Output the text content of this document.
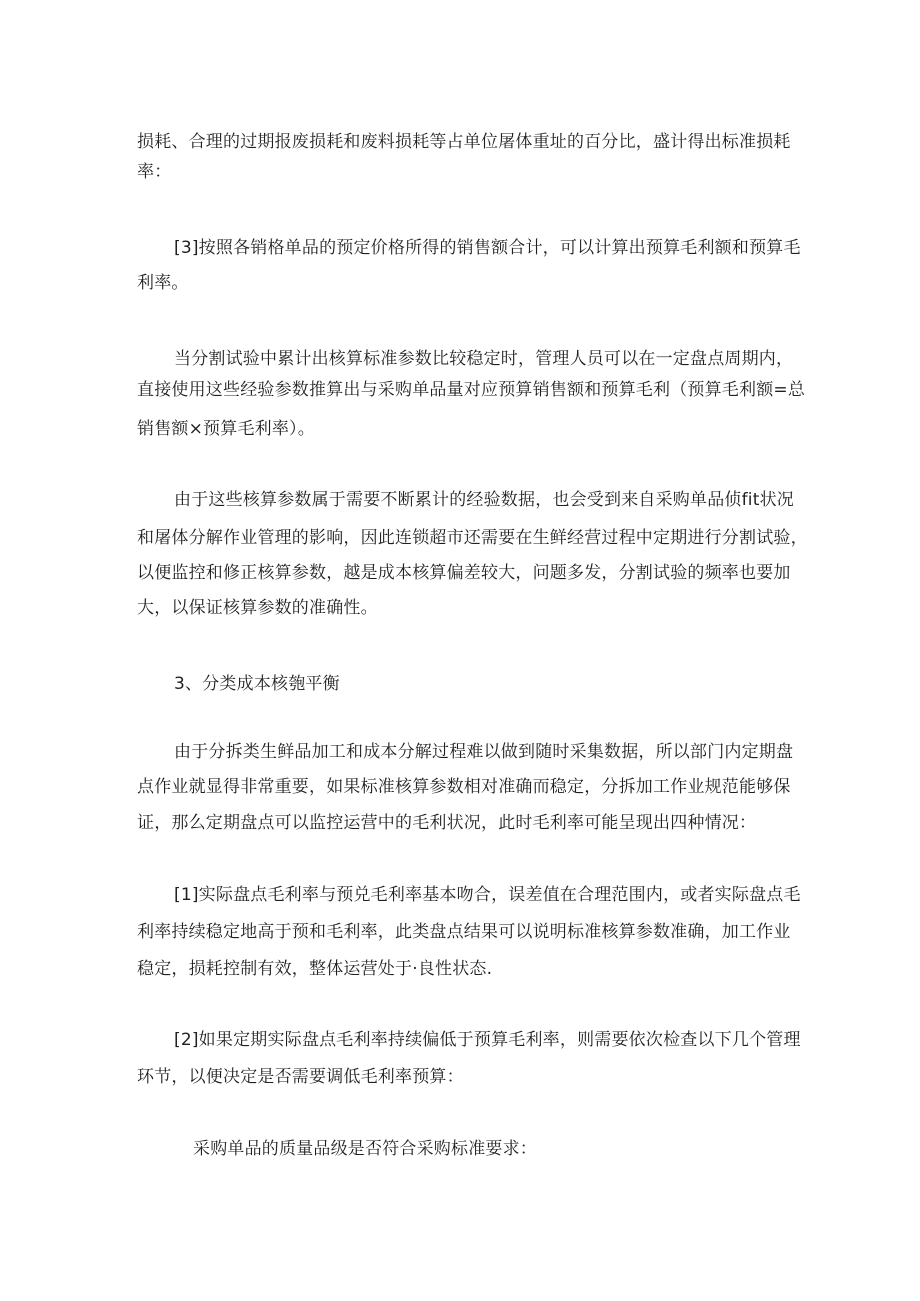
损耗、合理的过期报废损耗和废料损耗等占单位屠体重址的百分比，盛计得出标准损耗
率：
[3]按照各销格单品的预定价格所得的销售额合计，可以计算出预算毛利额和预算毛
利率。
当分割试验中累计出核算标准参数比较稳定时，管理人员可以在一定盘点周期内，
直接使用这些经验参数推算出与采购单品量对应预算销售额和预算毛利（预算毛利额=总
销售额×预算毛利率）。
由于这些核算参数属于需要不断累计的经验数据，也会受到来自采购单品侦fit状况
和屠体分解作业管理的影响，因此连锁超市还需要在生鲜经营过程中定期进行分割试验，
以便监控和修正核算参数，越是成本核算偏差较大，问题多发，分割试验的频率也要加
大，以保证核算参数的准确性。
3、分类成本核匏平衡
由于分拆类生鲜品加工和成本分解过程难以做到随时采集数据，所以部门内定期盘
点作业就显得非常重要，如果标准核算参数相对准确而稳定，分拆加工作业规范能够保
证，那么定期盘点可以监控运营中的毛利状况，此时毛利率可能呈现出四种情况：
[1]实际盘点毛利率与预兑毛利率基本吻合，误差值在合理范围内，或者实际盘点毛
利率持续稳定地高于预和毛利率，此类盘点结果可以说明标准核算参数准确，加工作业
稳定，损耗控制有效，整体运营处于·良性状态.
[2]如果定期实际盘点毛利率持续偏低于预算毛利率，则需要依次检查以下几个管理
环节，以便决定是否需要调低毛利率预算：
采购单品的质量品级是否符合采购标准要求：
